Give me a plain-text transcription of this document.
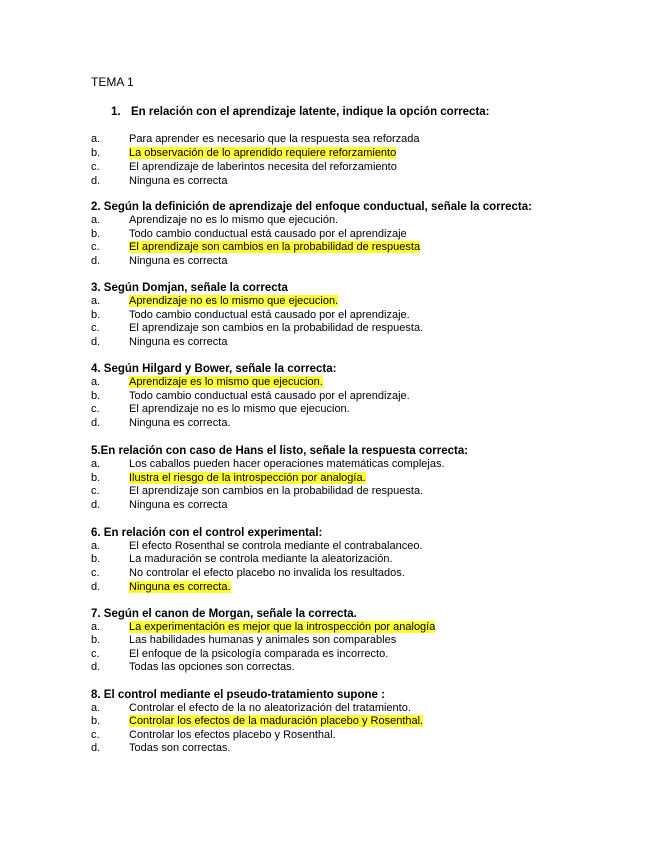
TEMA 1
1. En relación con el aprendizaje latente, indique la opción correcta:
a.	Para aprender es necesario que la respuesta sea reforzada
b.	La observación de lo aprendido requiere reforzamiento
c.	El aprendizaje de laberintos necesita del reforzamiento
d.	Ninguna es correcta
2. Según la definición de aprendizaje del enfoque conductual, señale la correcta:
a.	Aprendizaje no es lo mismo que ejecución.
b.	Todo cambio conductual está causado por el aprendizaje
c.	El aprendizaje son cambios en la probabilidad de respuesta
d.	Ninguna es correcta
3. Según Domjan, señale la correcta
a.	Aprendizaje no es lo mismo que ejecucion.
b.	Todo cambio conductual está causado por el aprendizaje.
c.	El aprendizaje son cambios en la probabilidad de respuesta.
d.	Ninguna es correcta
4. Según Hilgard y Bower, señale la correcta:
a.	Aprendizaje es lo mismo que ejecucion.
b.	Todo cambio conductual está causado por el aprendizaje.
c.	El aprendizaje no es lo mismo que ejecucion.
d.	Ninguna es correcta.
5.En relación con caso de Hans el listo, señale la respuesta correcta:
a.	Los caballos pueden hacer operaciones matemáticas complejas.
b.	Ilustra el riesgo de la introspección por analogía.
c.	El aprendizaje son cambios en la probabilidad de respuesta.
d.	Ninguna es correcta
6. En relación con el control experimental:
a.	El efecto Rosenthal se controla mediante el contrabalanceo.
b.	La maduración se controla mediante la aleatorización.
c.	No controlar el efecto placebo no invalida los resultados.
d.	Ninguna es correcta.
7. Según el canon de Morgan, señale la correcta.
a.	La experimentación es mejor que la introspección por analogía
b.	Las habilidades humanas y animales son comparables
c.	El enfoque de la psicología comparada es incorrecto.
d.	Todas las opciones son correctas.
8. El control mediante el pseudo-tratamiento supone :
a.	Controlar el efecto de la no aleatorización del tratamiento.
b.	Controlar los efectos de la maduración placebo y Rosenthal.
c.	Controlar los efectos placebo y Rosenthal.
d.	Todas son correctas.
